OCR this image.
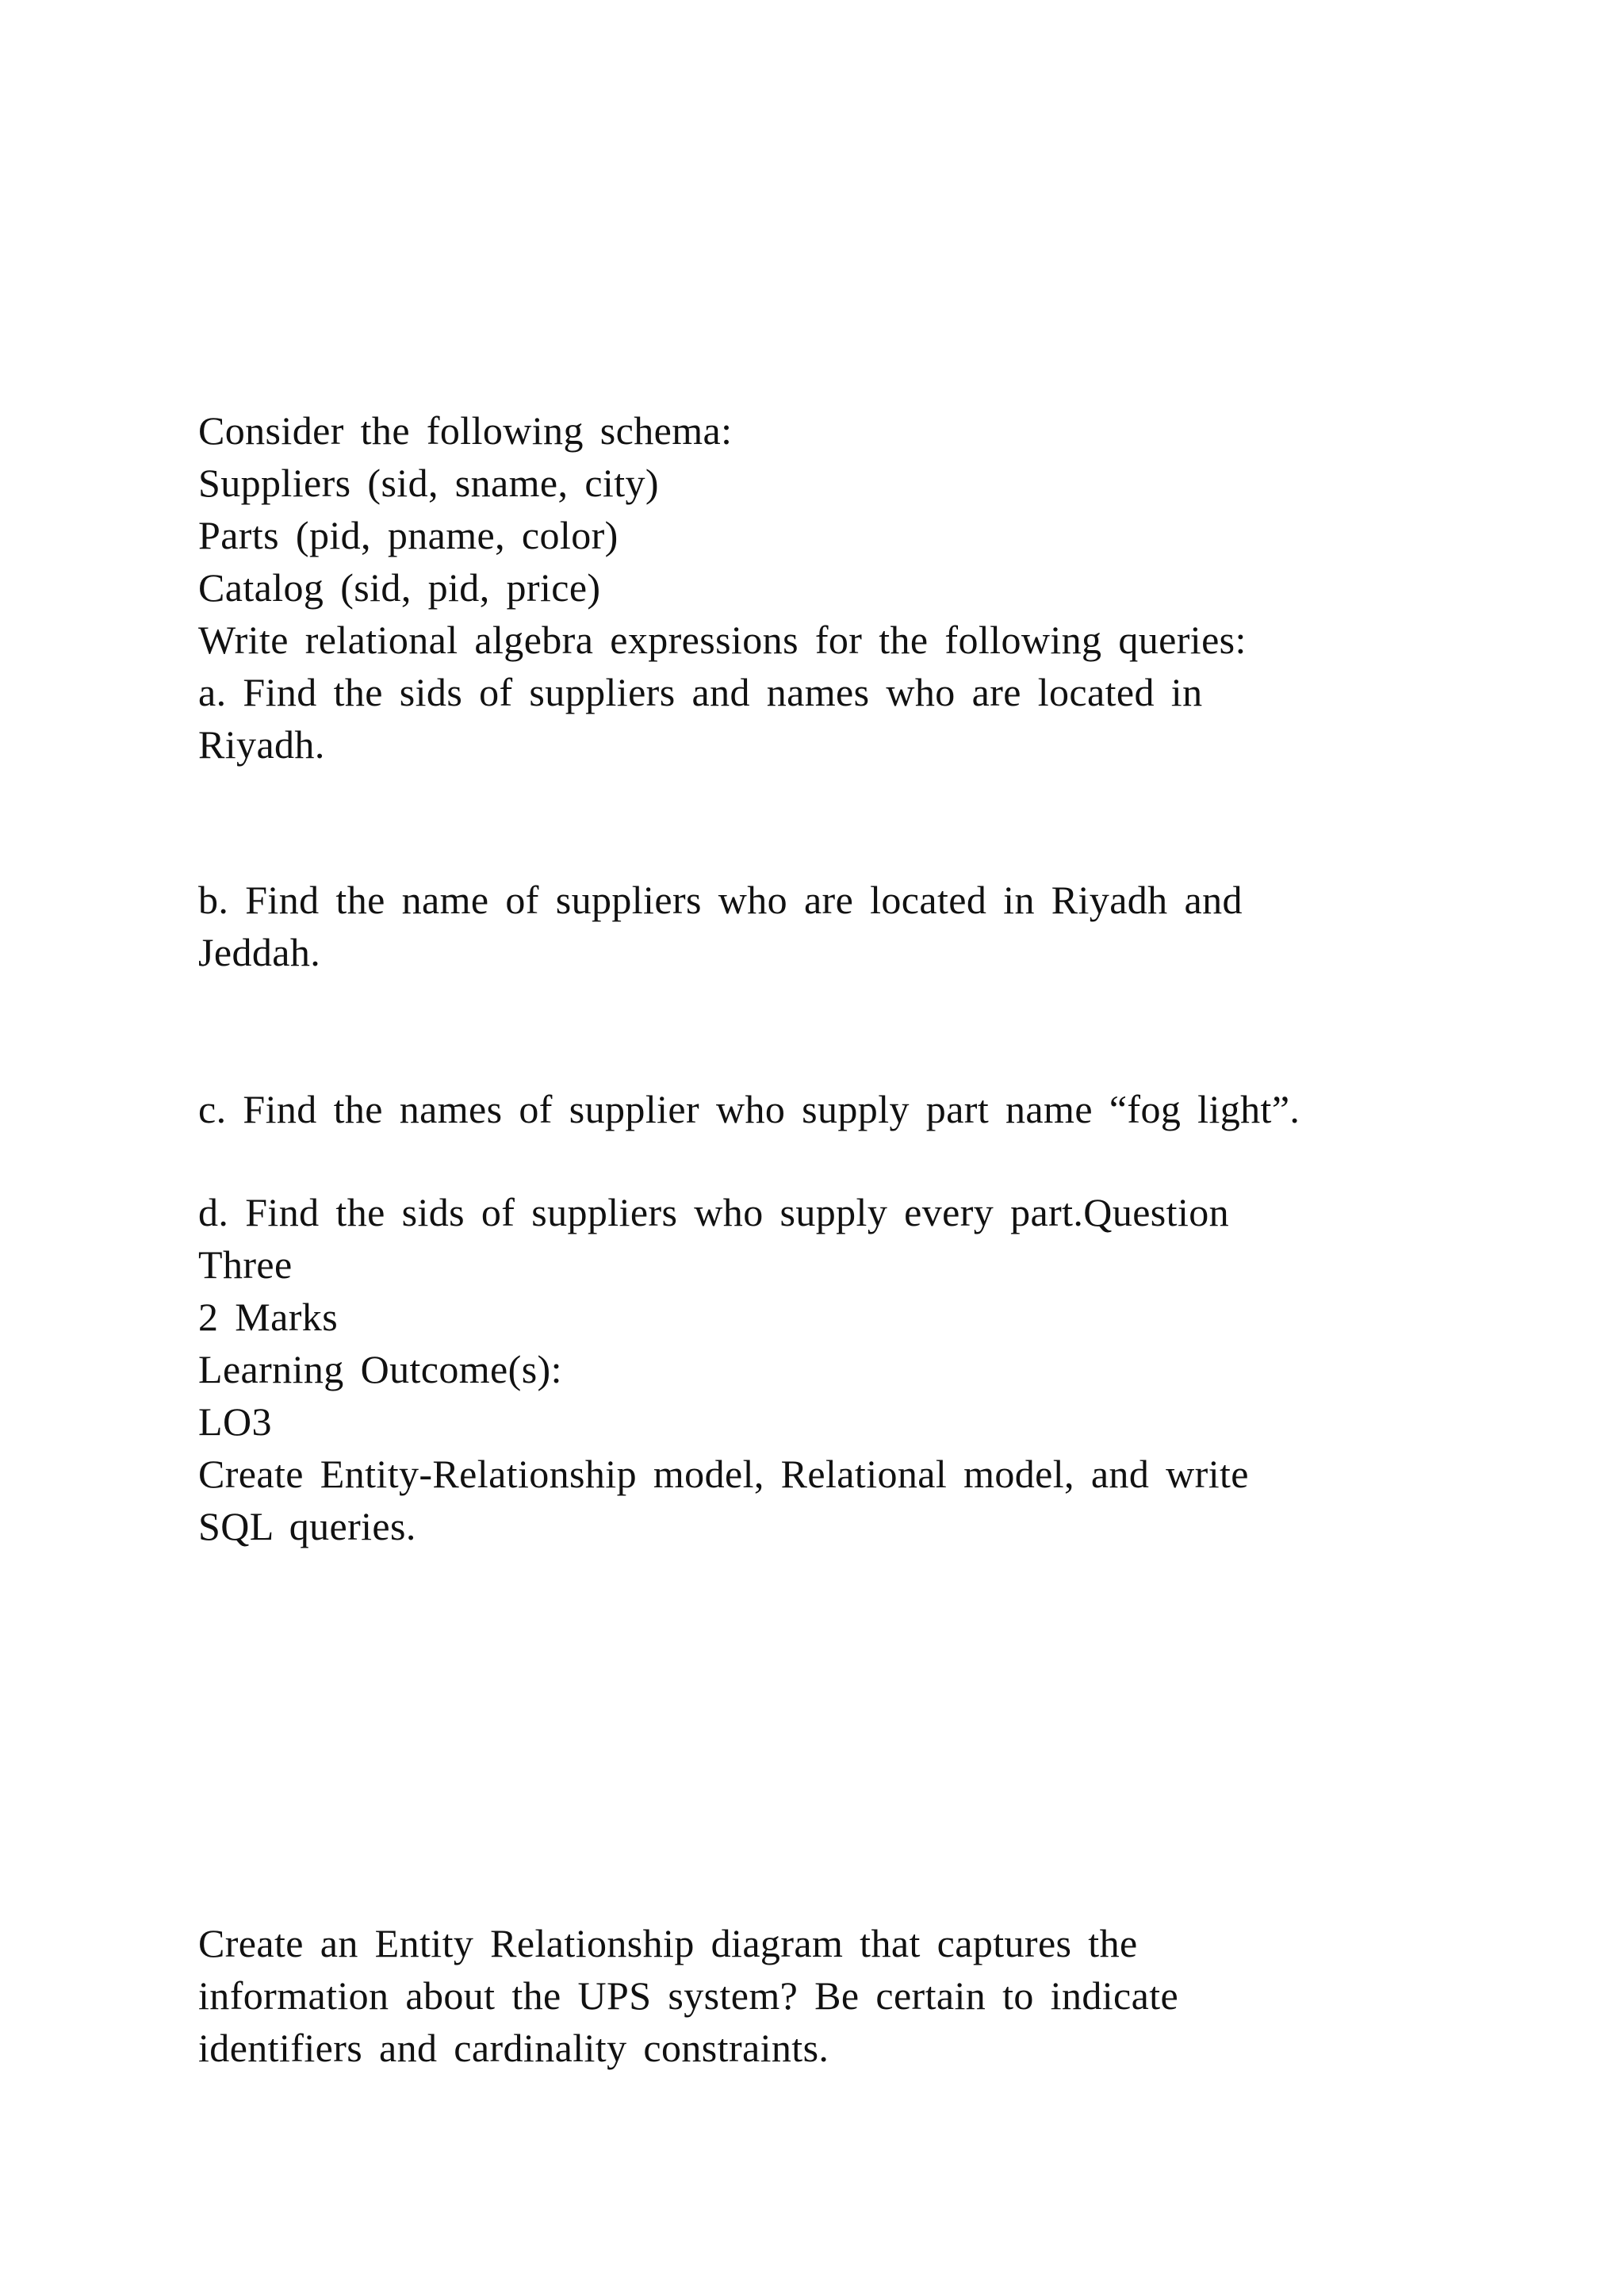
Consider the following schema:
Suppliers (sid, sname, city)
Parts (pid, pname, color)
Catalog (sid, pid, price)
Write relational algebra expressions for the following queries:
a. Find the sids of suppliers and names who are located in
Riyadh.
b. Find the name of suppliers who are located in Riyadh and
Jeddah.
c. Find the names of supplier who supply part name “fog light”.
d. Find the sids of suppliers who supply every part.Question
Three
2 Marks
Learning Outcome(s):
LO3
Create Entity-Relationship model, Relational model, and write
SQL queries.
Create an Entity Relationship diagram that captures the
information about the UPS system? Be certain to indicate
identifiers and cardinality constraints.
